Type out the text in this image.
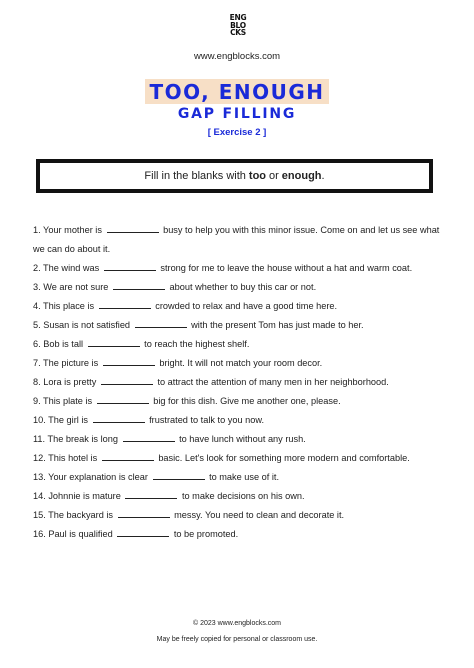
ENG
BLO
CKS
www.engblocks.com
TOO, ENOUGH
GAP FILLING
[ Exercise 2 ]
Fill in the blanks with too or enough .
1. Your mother is	busy to help you with this minor issue. Come on and let us see what we can do about it.
2. The wind was	strong for me to leave the house without a hat and warm coat.
3. We are not sure	about whether to buy this car or not.
4. This place is	crowded to relax and have a good time here.
5. Susan is not satisfied	with the present Tom has just made to her.
6. Bob is tall	to reach the highest shelf.
7. The picture is	bright. It will not match your room decor.
8. Lora is pretty	to attract the attention of many men in her neighborhood.
9. This plate is	big for this dish. Give me another one, please.
10. The girl is	frustrated to talk to you now.
11. The break is long	to have lunch without any rush.
12. This hotel is	basic. Let's look for something more modern and comfortable.
13. Your explanation is clear	to make use of it.
14. Johnnie is mature	to make decisions on his own.
15. The backyard is	messy. You need to clean and decorate it.
16. Paul is qualified	to be promoted.
© 2023 www.engblocks.com
May be freely copied for personal or classroom use.
